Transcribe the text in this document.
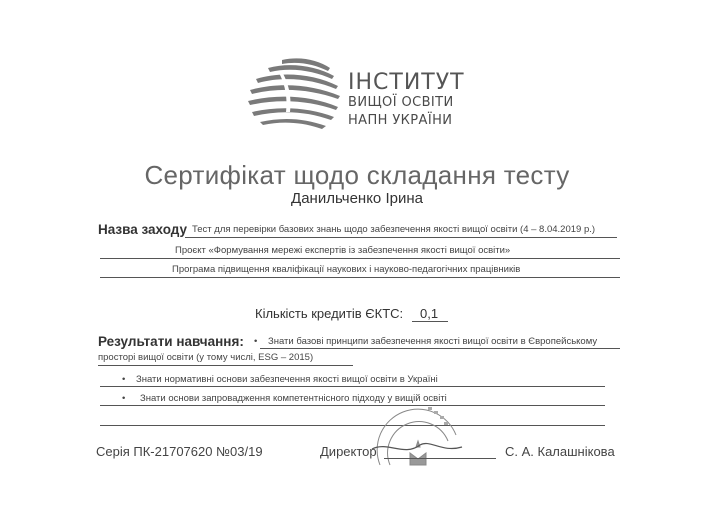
ІНСТИТУТ
ВИЩОЇ ОСВІТИ
НАПН УКРАЇНИ
Сертифікат щодо складання тесту
Данильченко Ірина
Назва заходу Тест для перевірки базових знань щодо забезпечення якості вищої освіти (4 – 8.04.2019 р.)
Проєкт «Формування мережі експертів із забезпечення якості вищої освіти»
Програма підвищення кваліфікації наукових і науково-педагогічних працівників
Кількість кредитів ЄКТС: 0,1
Результати навчання: • Знати базові принципи забезпечення якості вищої освіти в Європейському
просторі вищої освіти (у тому числі, ESG – 2015)
• Знати нормативні основи забезпечення якості вищої освіти в Україні
• Знати основи запровадження компетентнісного підходу у вищій освіті
Серія ПК-21707620 №03/19	Директор	С. А. Калашнікова
